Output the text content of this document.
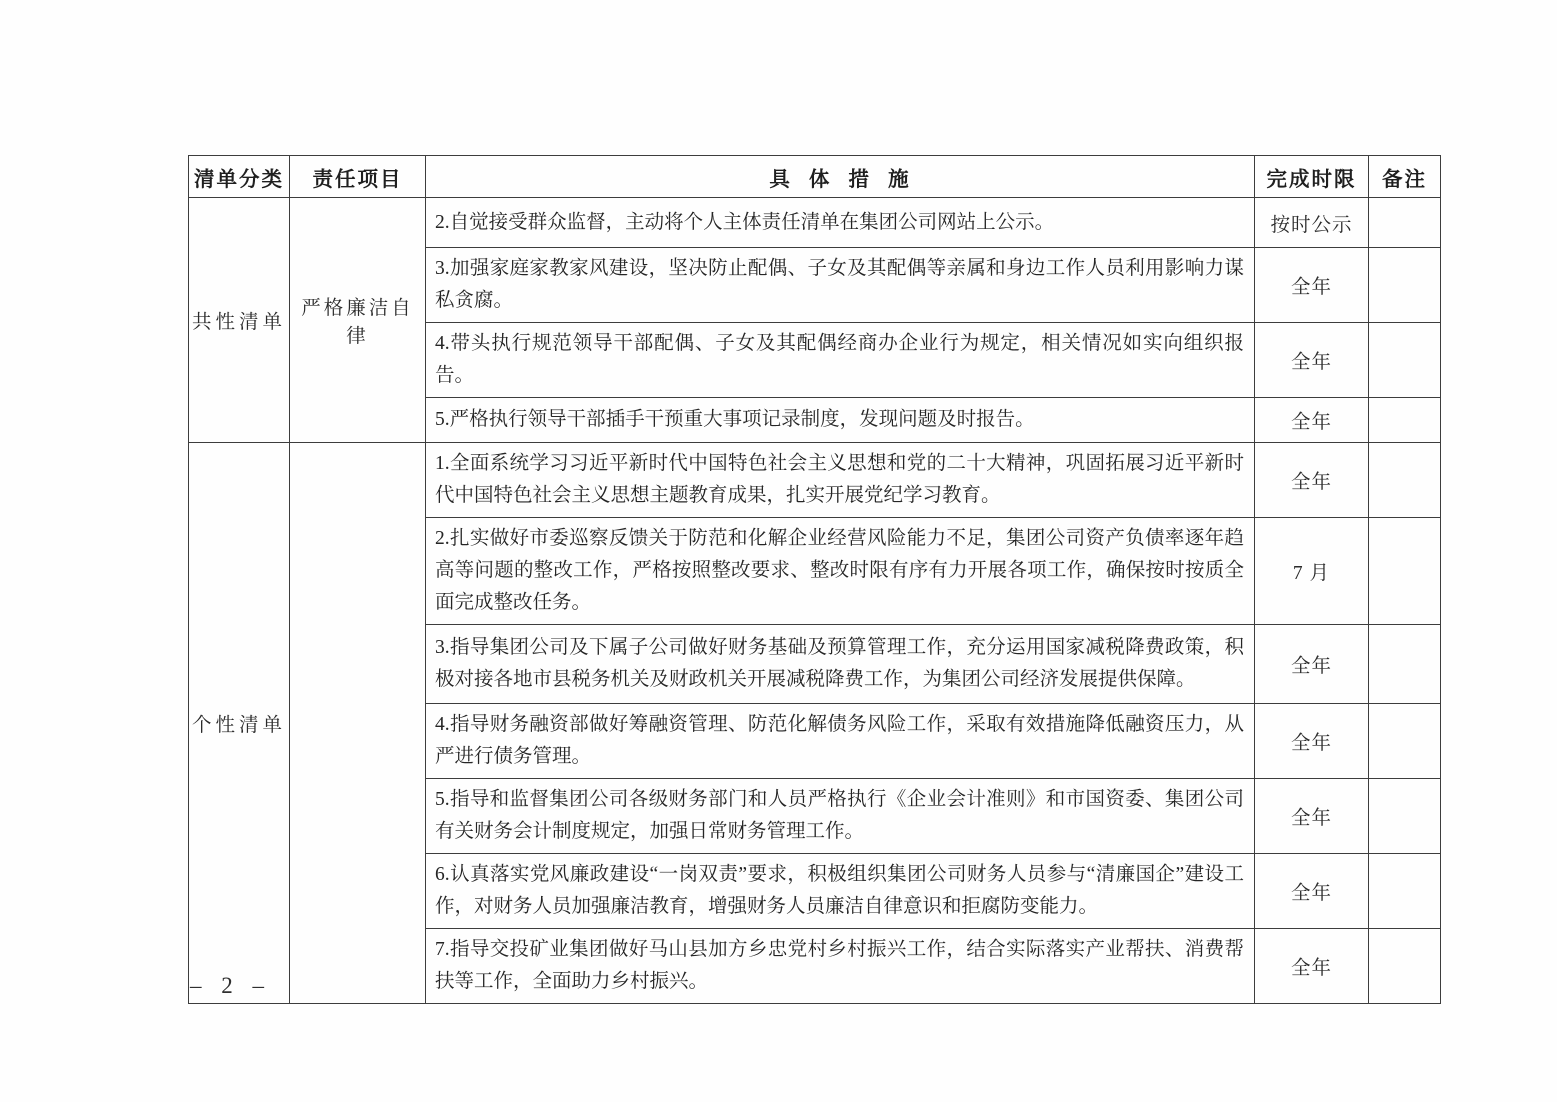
清单分类	责任项目	具 体 措 施	完成时限	备注
共性清单	严格廉洁自律	2.自觉接受群众监督，主动将个人主体责任清单在集团公司网站上公示。	按时公示	
		3.加强家庭家教家风建设，坚决防止配偶、子女及其配偶等亲属和身边工作人员利用影响力谋私贪腐。	全年	
		4.带头执行规范领导干部配偶、子女及其配偶经商办企业行为规定，相关情况如实向组织报告。	全年	
		5.严格执行领导干部插手干预重大事项记录制度，发现问题及时报告。	全年	
个性清单		1.全面系统学习习近平新时代中国特色社会主义思想和党的二十大精神，巩固拓展习近平新时代中国特色社会主义思想主题教育成果，扎实开展党纪学习教育。	全年	
		2.扎实做好市委巡察反馈关于防范和化解企业经营风险能力不足，集团公司资产负债率逐年趋高等问题的整改工作，严格按照整改要求、整改时限有序有力开展各项工作，确保按时按质全面完成整改任务。	7 月	
		3.指导集团公司及下属子公司做好财务基础及预算管理工作，充分运用国家减税降费政策，积极对接各地市县税务机关及财政机关开展减税降费工作，为集团公司经济发展提供保障。	全年	
		4.指导财务融资部做好筹融资管理、防范化解债务风险工作，采取有效措施降低融资压力，从严进行债务管理。	全年	
		5.指导和监督集团公司各级财务部门和人员严格执行《企业会计准则》和市国资委、集团公司有关财务会计制度规定，加强日常财务管理工作。	全年	
		6.认真落实党风廉政建设“一岗双责”要求，积极组织集团公司财务人员参与“清廉国企”建设工作，对财务人员加强廉洁教育，增强财务人员廉洁自律意识和拒腐防变能力。	全年	
		7.指导交投矿业集团做好马山县加方乡忠党村乡村振兴工作，结合实际落实产业帮扶、消费帮扶等工作，全面助力乡村振兴。	全年	
– 2 –
